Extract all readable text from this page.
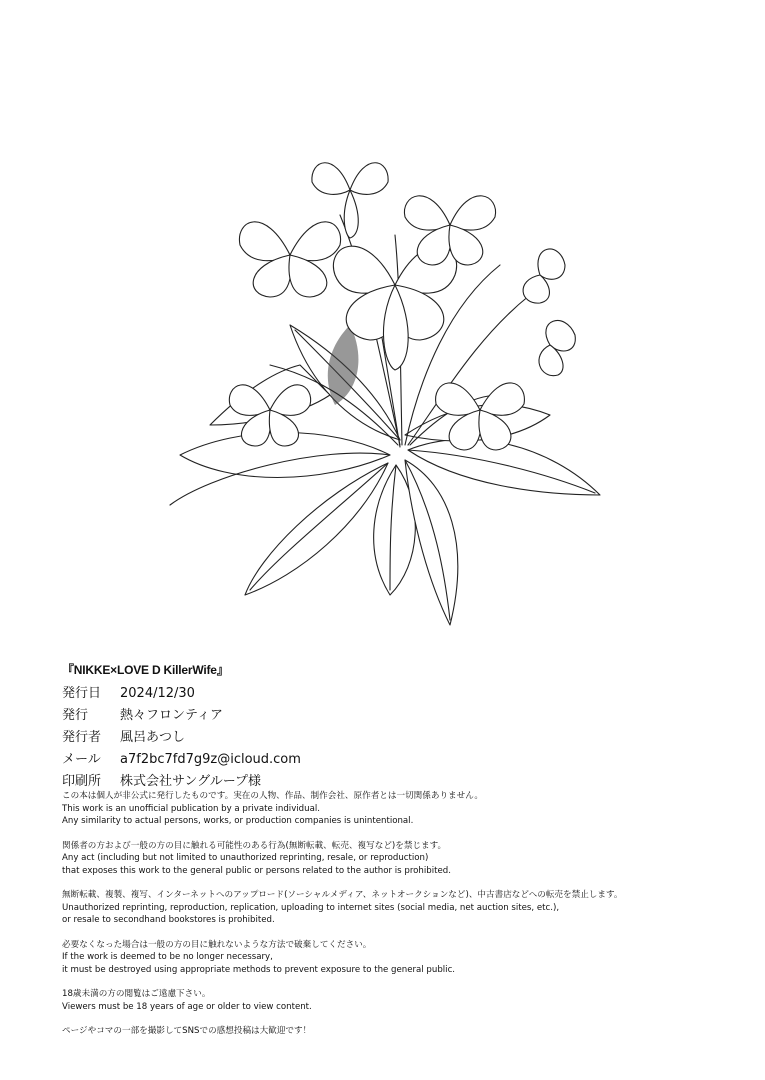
『NIKKE×LOVE D KillerWife』
発行日	2024/12/30
発行	熱々フロンティア
発行者	風呂あつし
メール	a7f2bc7fd7g9z@icloud.com
印刷所	株式会社サングループ様
この本は個人が非公式に発行したものです。実在の人物、作品、制作会社、原作者とは一切関係ありません。
This work is an unofficial publication by a private individual.
Any similarity to actual persons, works, or production companies is unintentional.
関係者の方および一般の方の目に触れる可能性のある行為(無断転載、転売、複写など)を禁じます。
Any act (including but not limited to unauthorized reprinting, resale, or reproduction)
that exposes this work to the general public or persons related to the author is prohibited.
無断転載、複製、複写、インターネットへのアップロード(ソーシャルメディア、ネットオークションなど)、中古書店などへの転売を禁止します。
Unauthorized reprinting, reproduction, replication, uploading to internet sites (social media, net auction sites, etc.),
or resale to secondhand bookstores is prohibited.
必要なくなった場合は一般の方の目に触れないような方法で破棄してください。
If the work is deemed to be no longer necessary,
it must be destroyed using appropriate methods to prevent exposure to the general public.
18歳未満の方の閲覧はご遠慮下さい。
Viewers must be 18 years of age or older to view content.
ページやコマの一部を撮影してSNSでの感想投稿は大歓迎です！
